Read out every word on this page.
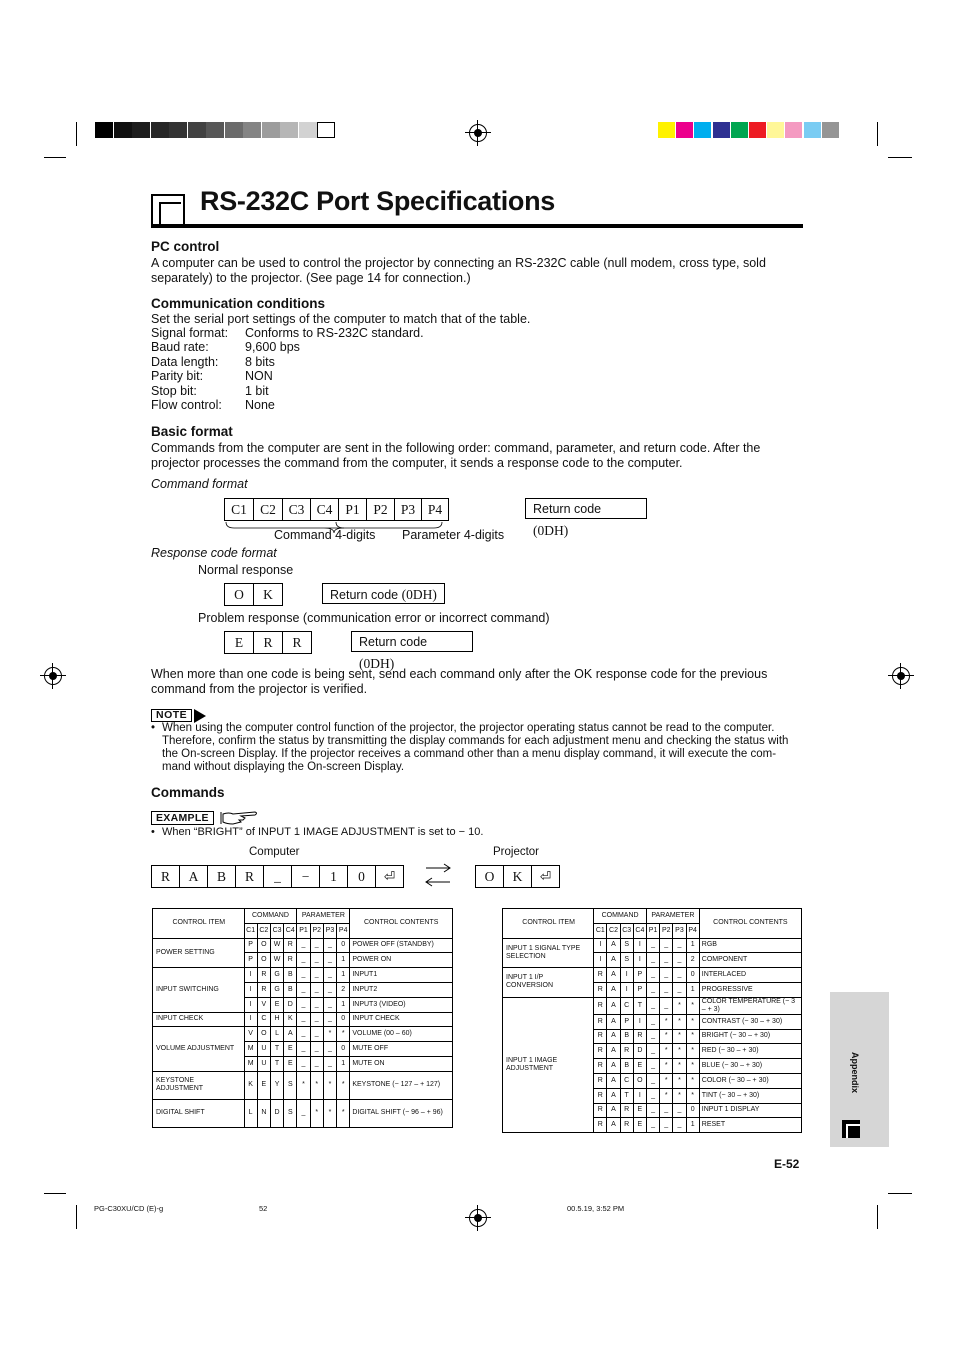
RS-232C Port Specifications
PC control
A computer can be used to control the projector by connecting an RS-232C cable (null modem, cross type, sold separately) to the projector. (See page 14 for connection.)
Communication conditions
Set the serial port settings of the computer to match that of the table.
Signal format: Conforms to RS-232C standard.
Baud rate:	9,600 bps
Data length: 8 bits
Parity bit:	NON
Stop bit:	1 bit
Flow control: None
Basic format
Commands from the computer are sent in the following order: command, parameter, and return code. After the projector processes the command from the computer, it sends a response code to the computer.
Command format
C1 C2 C3 C4 P1	P2 P3 P4	Return code (0DH)
Command 4-digits Parameter 4-digits
Response code format
Normal response
O	K	Return code (0DH)
Problem response (communication error or incorrect command)
E	R	R	Return code (0DH)
When more than one code is being sent, send each command only after the OK response code for the previous command from the projector is verified.
NOTE
• When using the computer control function of the projector, the projector operating status cannot be read to the computer. Therefore, confirm the status by transmitting the display commands for each adjustment menu and checking the status with the On-screen Display. If the projector receives a command other than a menu display command, it will execute the com-mand without displaying the On-screen Display.
Commands
EXAMPLE
• When “BRIGHT” of INPUT 1 IMAGE ADJUSTMENT is set to − 10.
Computer	Projector
R	A	B	R	_	−	1	0	⏎	O	K	⏎
CONTROL ITEM	COMMAND				PARAMETER				CONTROL CONTENTS
	C1	C2	C3	C4	P1	P2	P3	P4	
POWER SETTING	P	O	W	R	_	_	_	0	POWER OFF (STANDBY)
	P	O	W	R	_	_	_	1	POWER ON
INPUT SWITCHING	I	R	G	B	_	_	_	1	INPUT1
	I	R	G	B	_	_	_	2	INPUT2
	I	V	E	D	_	_	_	1	INPUT3 (VIDEO)
INPUT CHECK	I	C	H	K	_	_	_	0	INPUT CHECK
VOLUME ADJUSTMENT	V	O	L	A	_	_	*	*	VOLUME (00 – 60)
	M	U	T	E	_	_	_	0	MUTE OFF
	M	U	T	E	_	_	_	1	MUTE ON
KEYSTONE ADJUSTMENT	K	E	Y	S	*	*	*	*	KEYSTONE (− 127 – + 127)
DIGITAL SHIFT	L	N	D	S	_	*	*	*	DIGITAL SHIFT (− 96 – + 96)
CONTROL ITEM	COMMAND				PARAMETER				CONTROL CONTENTS
	C1	C2	C3	C4	P1	P2	P3	P4	
INPUT 1 SIGNAL TYPE SELECTION	I	A	S	I	_	_	_	1	RGB
	I	A	S	I	_	_	_	2	COMPONENT
INPUT 1 I/P CONVERSION	R	A	I	P	_	_	_	0	INTERLACED
	R	A	I	P	_	_	_	1	PROGRESSIVE
INPUT 1 IMAGE ADJUSTMENT	R	A	C	T	_	_	*	*	COLOR TEMPERATURE (− 3 – + 3)
	R	A	P	I	_	*	*	*	CONTRAST (− 30 – + 30)
	R	A	B	R	_	*	*	*	BRIGHT (− 30 – + 30)
	R	A	R	D	_	*	*	*	RED (− 30 – + 30)
	R	A	B	E	_	*	*	*	BLUE (− 30 – + 30)
	R	A	C	O	_	*	*	*	COLOR (− 30 – + 30)
	R	A	T	I	_	*	*	*	TINT (− 30 – + 30)
	R	A	R	E	_	_	_	0	INPUT 1 DISPLAY
	R	A	R	E	_	_	_	1	RESET
Appendix
E-52
PG-C30XU/CD (E)-g	52	00.5.19, 3:52 PM
